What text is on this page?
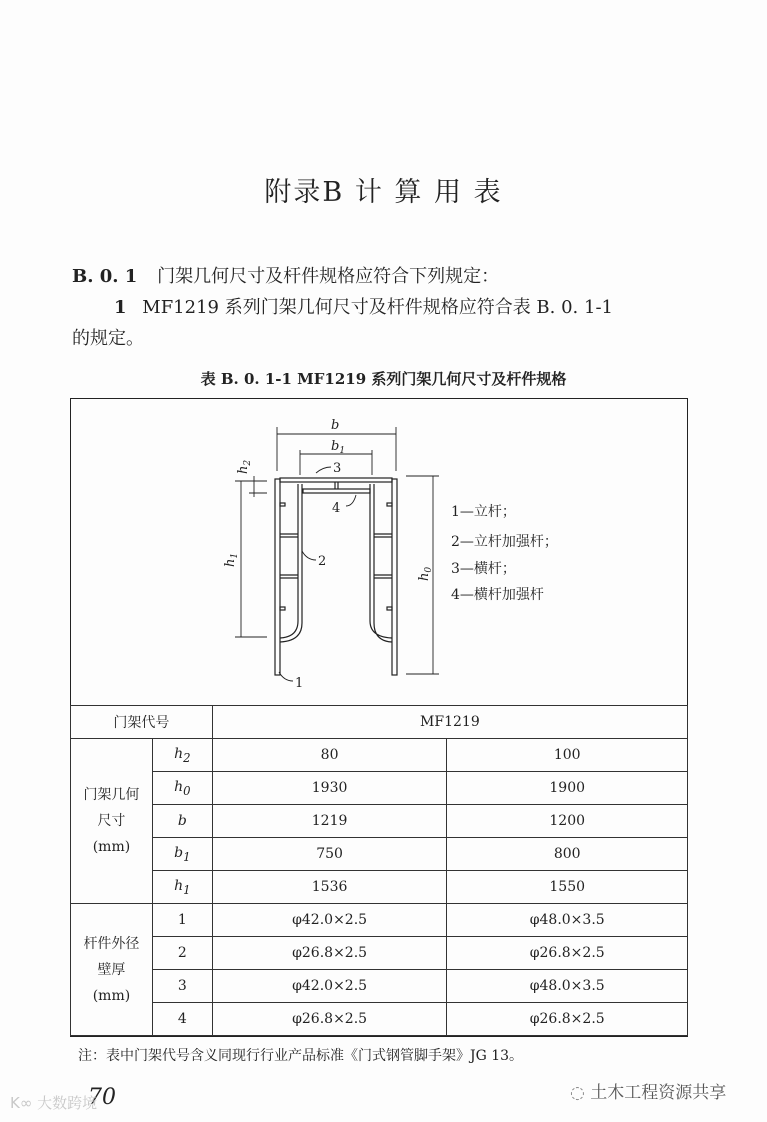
附录B 计 算 用 表
B. 0. 1 门架几何尺寸及杆件规格应符合下列规定：
1 MF1219 系列门架几何尺寸及杆件规格应符合表 B. 0. 1-1
的规定。
表 B. 0. 1-1 MF1219 系列门架几何尺寸及杆件规格
b
$b_1$
$h_2$
$h_1$
$h_0$
1
2
3
4	1—立杆；
2—立杆加强杆；
3—横杆；
4—横杆加强杆
门架代号		MF1219	
门架几何
尺寸
(mm)	$h_2$	80	100
	$h_0$	1930	1900
	b	1219	1200
	$b_1$	750	800
	$h_1$	1536	1550
杆件外径
壁厚
(mm)	1	φ42.0×2.5	φ48.0×3.5
	2	φ26.8×2.5	φ26.8×2.5
	3	φ42.0×2.5	φ48.0×3.5
	4	φ26.8×2.5	φ26.8×2.5
注：表中门架代号含义同现行行业产品标准《门式钢管脚手架》JG 13。
70
K∞ 大数跨境	◌ 土木工程资源共享
